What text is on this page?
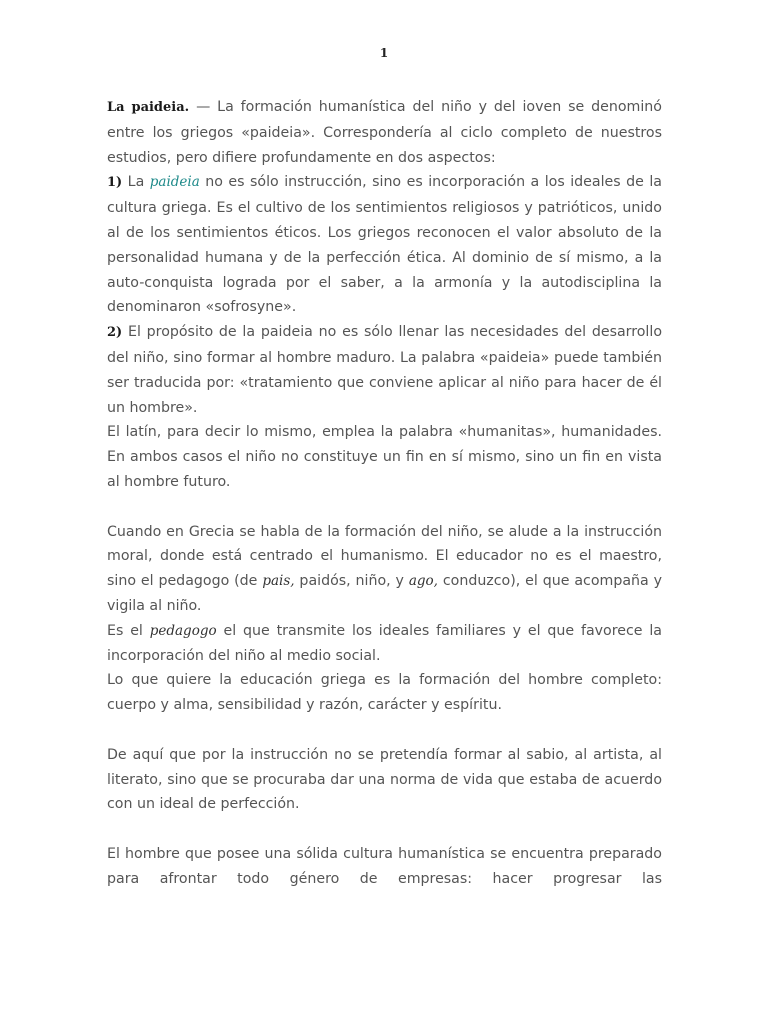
1

La paideia. — La formación humanística del niño y del ioven se denominó entre los griegos «paideia». Correspondería al ciclo completo de nuestros estudios, pero difiere profundamente en dos aspectos:

1) La paideia no es sólo instrucción, sino es incorporación a los ideales de la cultura griega. Es el cultivo de los sentimientos religiosos y patrióticos, unido al de los sentimientos éticos. Los griegos reconocen el valor absoluto de la personalidad humana y de la perfección ética. Al dominio de sí mismo, a la auto-conquista lograda por el saber, a la armonía y la autodisciplina la denominaron «sofrosyne».

2) El propósito de la paideia no es sólo llenar las necesidades del desarrollo del niño, sino formar al hombre maduro. La palabra «paideia» puede también ser traducida por: «tratamiento que conviene aplicar al niño para hacer de él un hombre».

El latín, para decir lo mismo, emplea la palabra «humanitas», humanidades. En ambos casos el niño no constituye un fin en sí mismo, sino un fin en vista al hombre futuro.

Cuando en Grecia se habla de la formación del niño, se alude a la instrucción moral, donde está centrado el humanismo. El educador no es el maestro, sino el pedagogo (de pais, paidós, niño, y ago, conduzco), el que acompaña y vigila al niño.

Es el pedagogo el que transmite los ideales familiares y el que favorece la incorporación del niño al medio social.

Lo que quiere la educación griega es la formación del hombre completo: cuerpo y alma, sensibilidad y razón, carácter y espíritu.

De aquí que por la instrucción no se pretendía formar al sabio, al artista, al literato, sino que se procuraba dar una norma de vida que estaba de acuerdo con un ideal de perfección.

El hombre que posee una sólida cultura humanística se encuentra preparado para afrontar todo género de empresas: hacer progresar las
